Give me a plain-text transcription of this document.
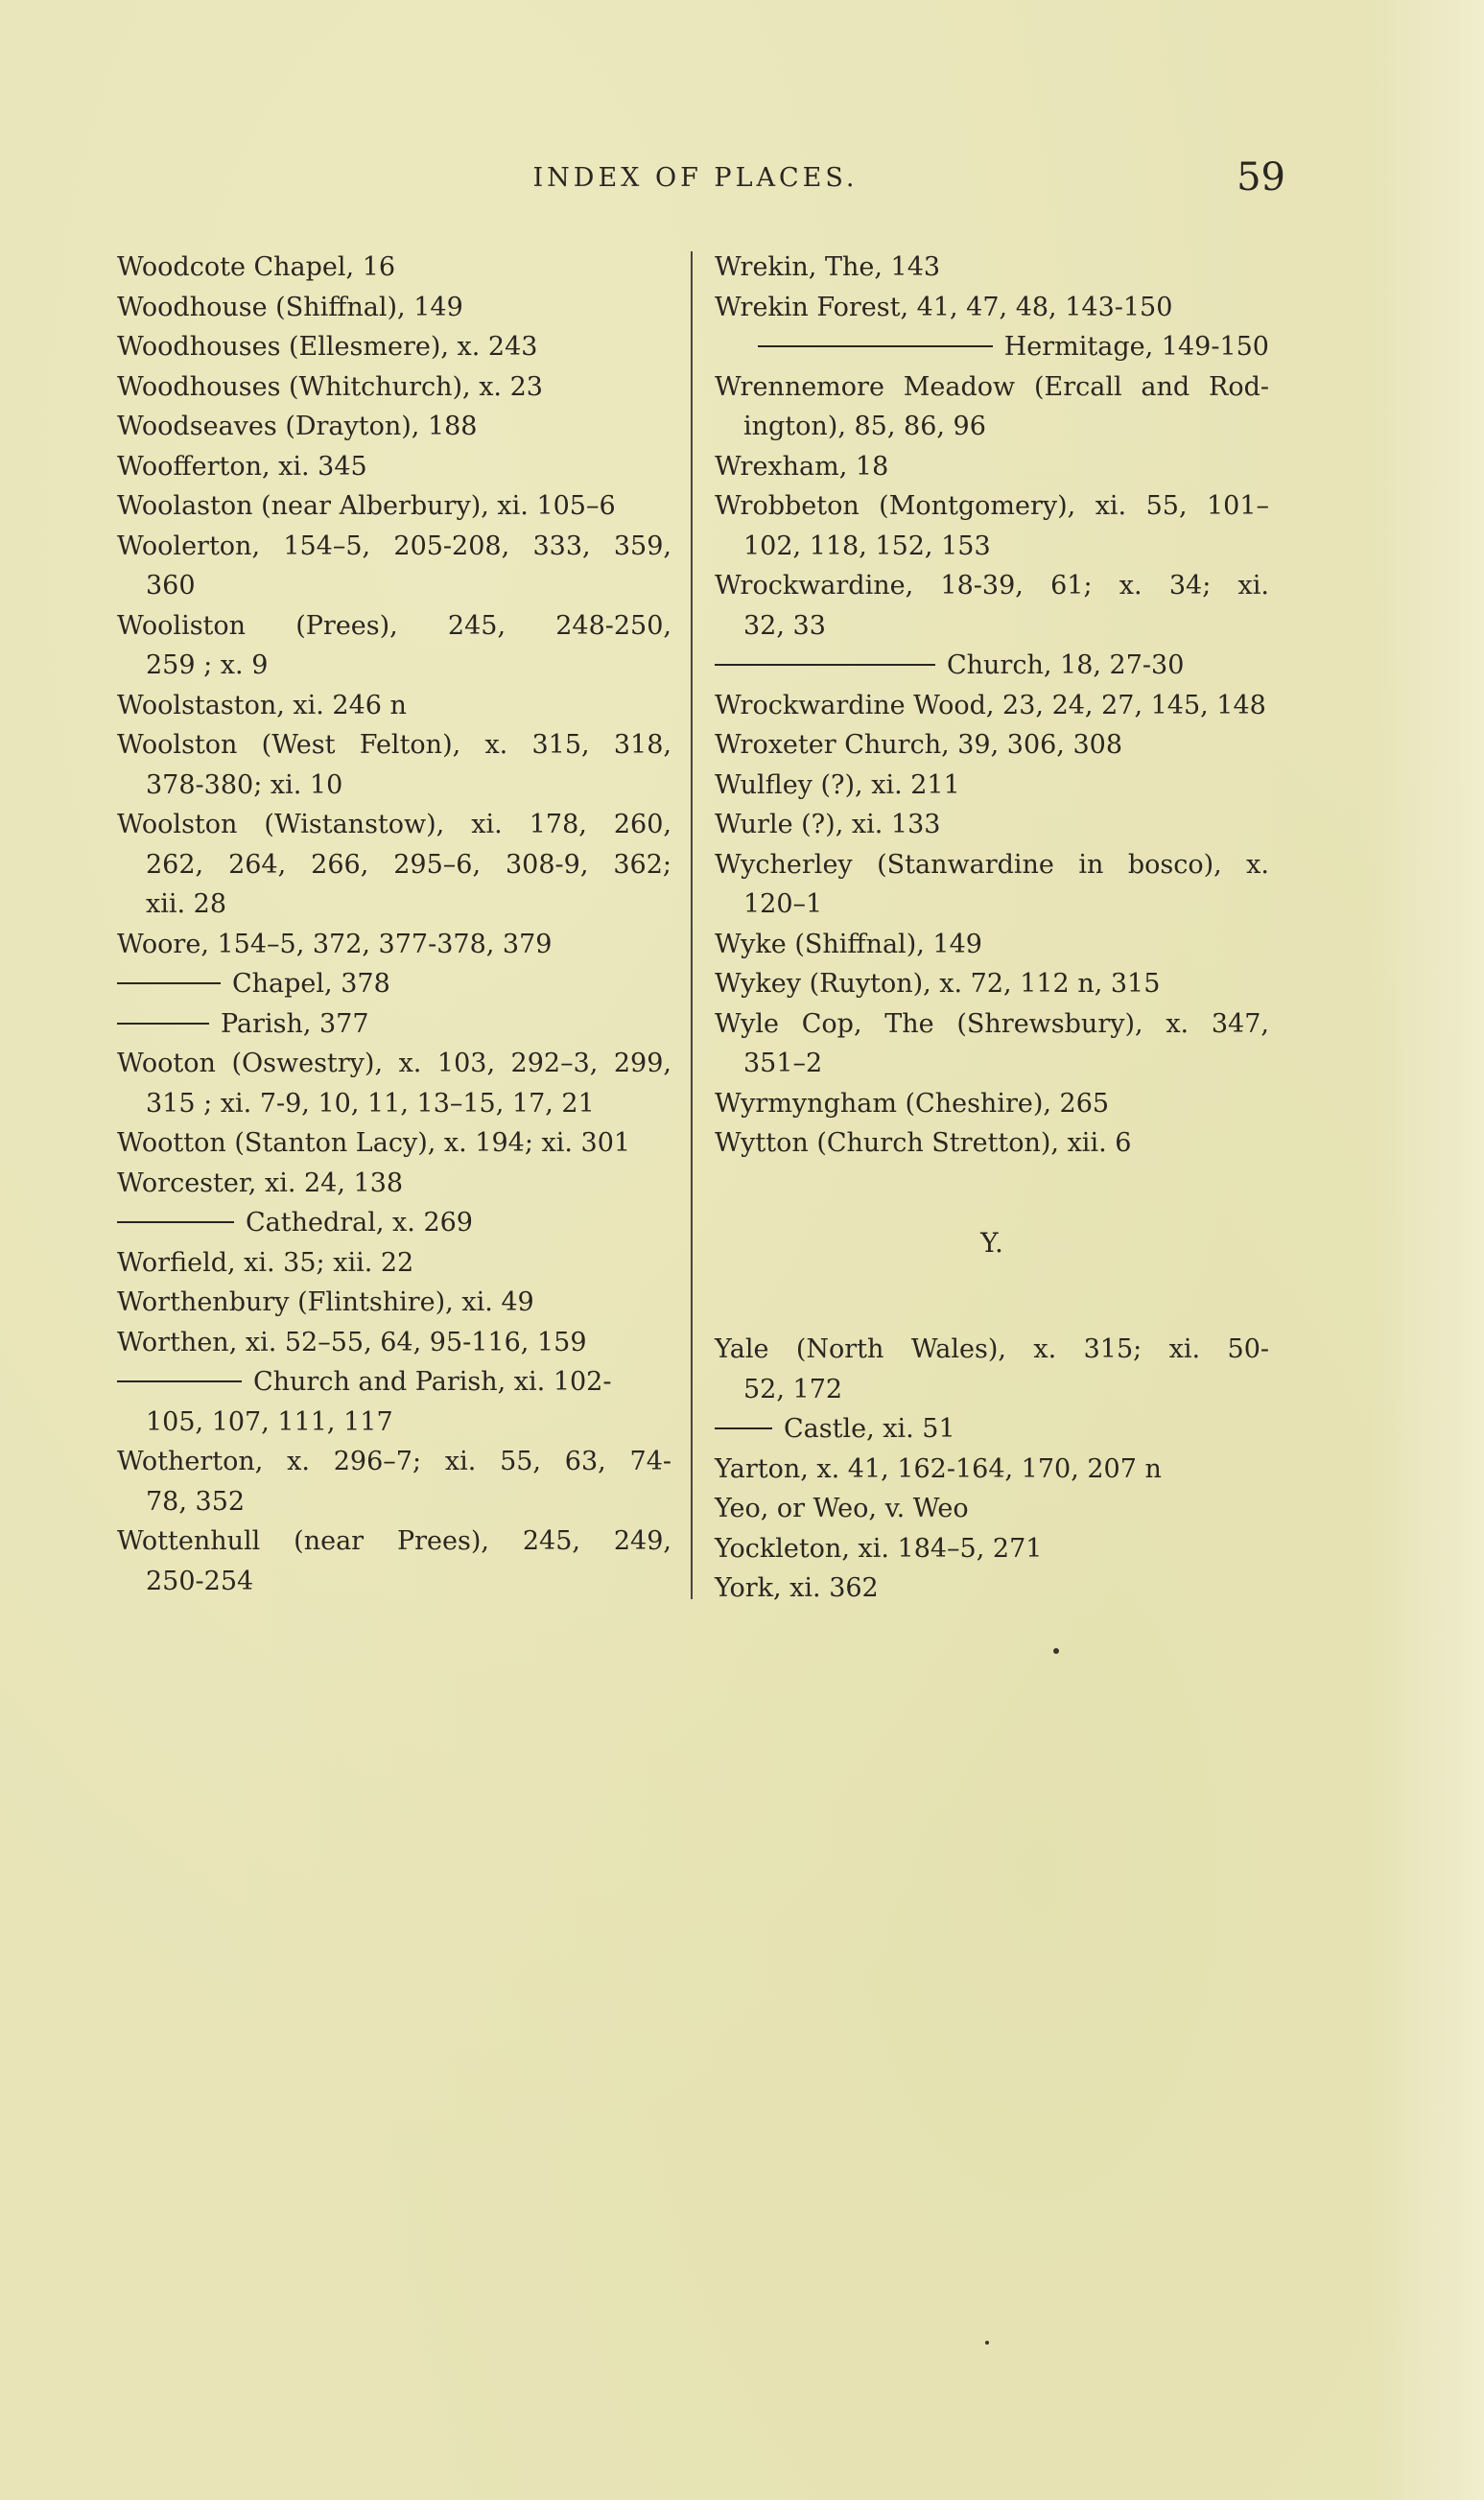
INDEX OF PLACES.	59
Woodcote Chapel, 16
Woodhouse (Shiffnal), 149
Woodhouses (Ellesmere), x. 243
Woodhouses (Whitchurch), x. 23
Woodseaves (Drayton), 188
Woofferton, xi. 345
Woolaston (near Alberbury), xi. 105–6
Woolerton, 154–5, 205-208, 333, 359,
360
Wooliston (Prees), 245, 248-250,
259 ; x. 9
Woolstaston, xi. 246 n
Woolston (West Felton), x. 315, 318,
378-380; xi. 10
Woolston (Wistanstow), xi. 178, 260,
262, 264, 266, 295–6, 308-9, 362;
xii. 28
Woore, 154–5, 372, 377-378, 379
Chapel, 378
Parish, 377
Wooton (Oswestry), x. 103, 292–3, 299,
315 ; xi. 7-9, 10, 11, 13–15, 17, 21
Wootton (Stanton Lacy), x. 194; xi. 301
Worcester, xi. 24, 138
Cathedral, x. 269
Worfield, xi. 35; xii. 22
Worthenbury (Flintshire), xi. 49
Worthen, xi. 52–55, 64, 95-116, 159
Church and Parish, xi. 102-
105, 107, 111, 117
Wotherton, x. 296–7; xi. 55, 63, 74-
78, 352
Wottenhull (near Prees), 245, 249,
250-254
Wrekin, The, 143
Wrekin Forest, 41, 47, 48, 143-150
Hermitage, 149-150
Wrennemore Meadow (Ercall and Rod-
ington), 85, 86, 96
Wrexham, 18
Wrobbeton (Montgomery), xi. 55, 101–
102, 118, 152, 153
Wrockwardine, 18-39, 61; x. 34; xi.
32, 33
Church, 18, 27-30
Wrockwardine Wood, 23, 24, 27, 145, 148
Wroxeter Church, 39, 306, 308
Wulfley (?), xi. 211
Wurle (?), xi. 133
Wycherley (Stanwardine in bosco), x.
120–1
Wyke (Shiffnal), 149
Wykey (Ruyton), x. 72, 112 n, 315
Wyle Cop, The (Shrewsbury), x. 347,
351–2
Wyrmyngham (Cheshire), 265
Wytton (Church Stretton), xii. 6
Y.
Yale (North Wales), x. 315; xi. 50-
52, 172
Castle, xi. 51
Yarton, x. 41, 162-164, 170, 207 n
Yeo, or Weo, v. Weo
Yockleton, xi. 184–5, 271
York, xi. 362
